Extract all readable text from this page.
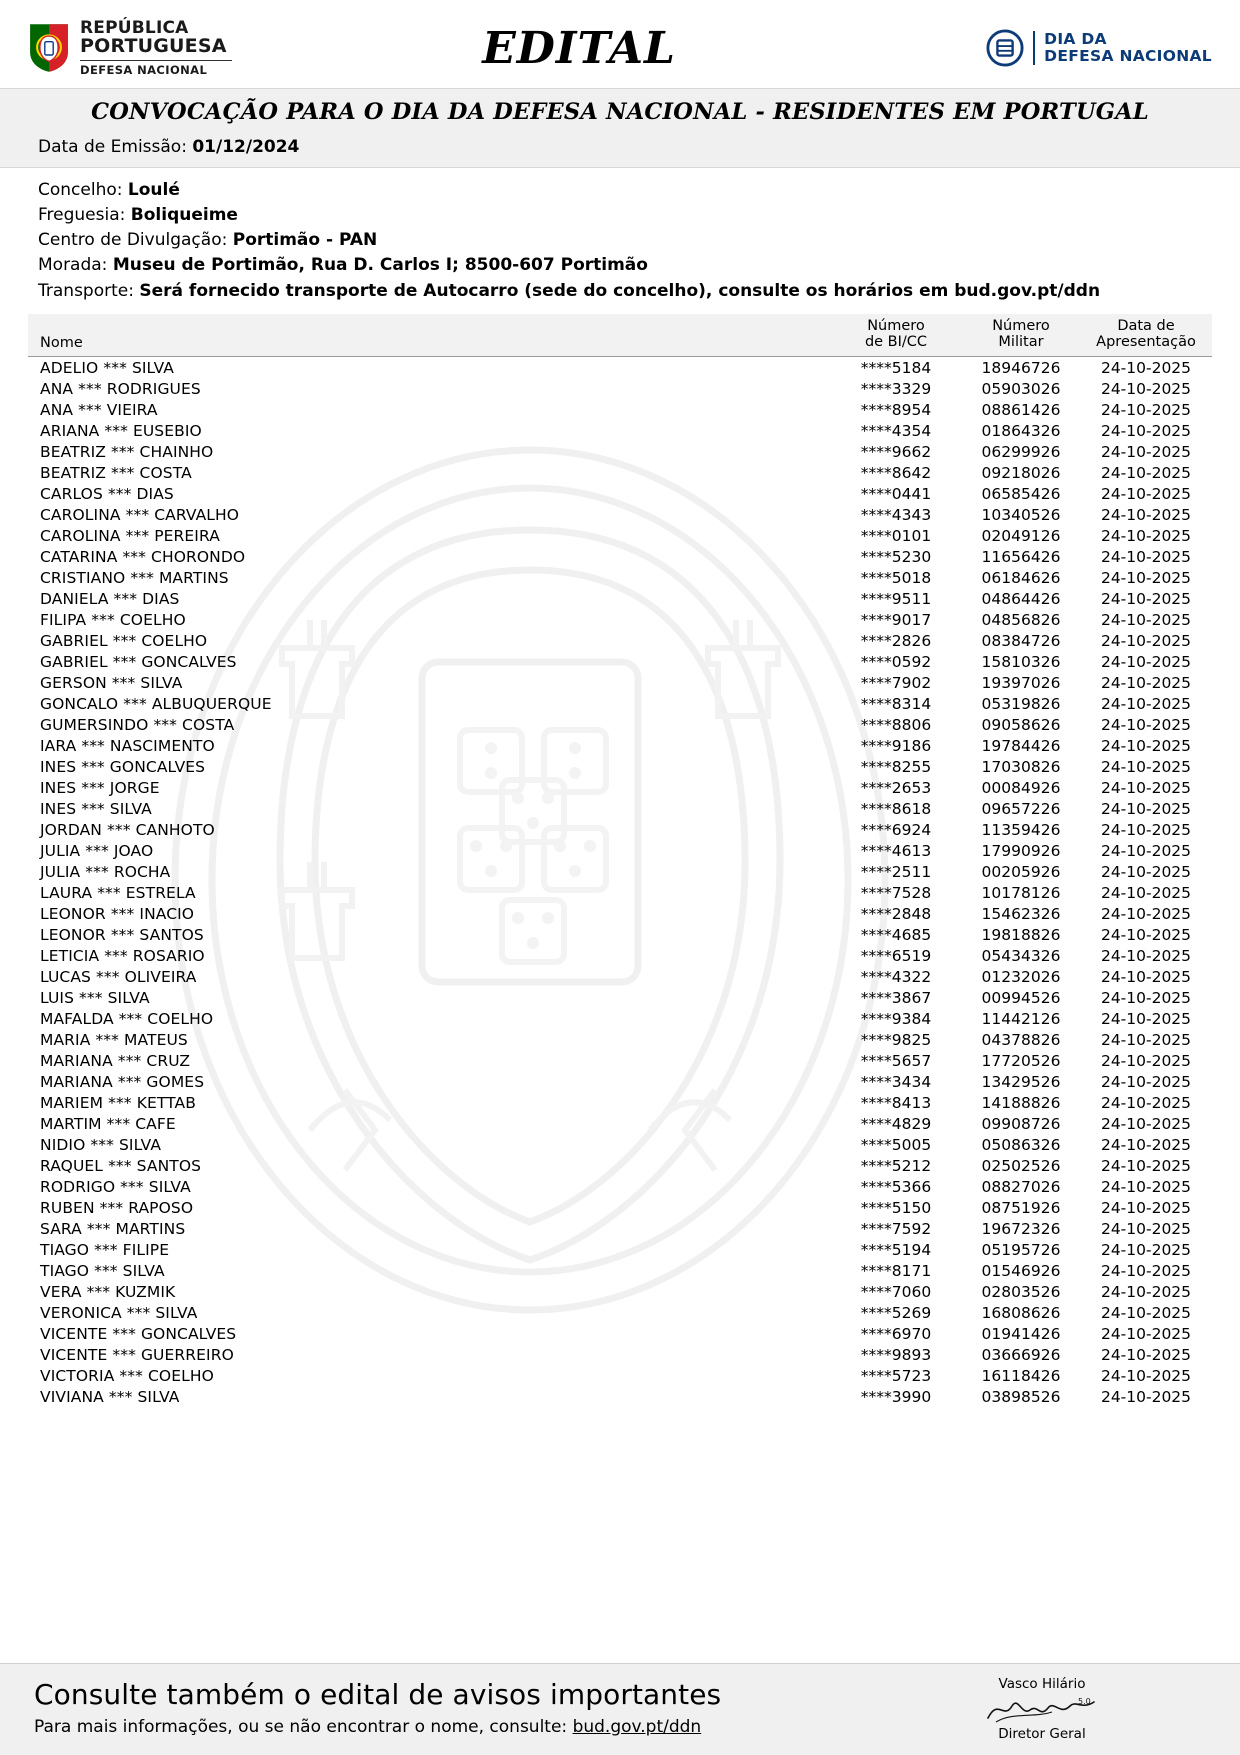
REPÚBLICA
PORTUGUESA
DEFESA NACIONAL	EDITAL	DIA DA
DEFESA NACIONAL
CONVOCAÇÃO PARA O DIA DA DEFESA NACIONAL - RESIDENTES EM PORTUGAL
Data de Emissão: 01/12/2024
Concelho: Loulé
Freguesia: Boliqueime
Centro de Divulgação: Portimão - PAN
Morada: Museu de Portimão, Rua D. Carlos I; 8500-607 Portimão
Transporte: Será fornecido transporte de Autocarro (sede do concelho), consulte os horários em bud.gov.pt/ddn
Nome	
Número
de BI/CC

Número
Militar

Data de
Apresentação

ADELIO *** SILVA	****5184	18946726	24-10-2025
ANA *** RODRIGUES	****3329	05903026	24-10-2025
ANA *** VIEIRA	****8954	08861426	24-10-2025
ARIANA *** EUSEBIO	****4354	01864326	24-10-2025
BEATRIZ *** CHAINHO	****9662	06299926	24-10-2025
BEATRIZ *** COSTA	****8642	09218026	24-10-2025
CARLOS *** DIAS	****0441	06585426	24-10-2025
CAROLINA *** CARVALHO	****4343	10340526	24-10-2025
CAROLINA *** PEREIRA	****0101	02049126	24-10-2025
CATARINA *** CHORONDO	****5230	11656426	24-10-2025
CRISTIANO *** MARTINS	****5018	06184626	24-10-2025
DANIELA *** DIAS	****9511	04864426	24-10-2025
FILIPA *** COELHO	****9017	04856826	24-10-2025
GABRIEL *** COELHO	****2826	08384726	24-10-2025
GABRIEL *** GONCALVES	****0592	15810326	24-10-2025
GERSON *** SILVA	****7902	19397026	24-10-2025
GONCALO *** ALBUQUERQUE	****8314	05319826	24-10-2025
GUMERSINDO *** COSTA	****8806	09058626	24-10-2025
IARA *** NASCIMENTO	****9186	19784426	24-10-2025
INES *** GONCALVES	****8255	17030826	24-10-2025
INES *** JORGE	****2653	00084926	24-10-2025
INES *** SILVA	****8618	09657226	24-10-2025
JORDAN *** CANHOTO	****6924	11359426	24-10-2025
JULIA *** JOAO	****4613	17990926	24-10-2025
JULIA *** ROCHA	****2511	00205926	24-10-2025
LAURA *** ESTRELA	****7528	10178126	24-10-2025
LEONOR *** INACIO	****2848	15462326	24-10-2025
LEONOR *** SANTOS	****4685	19818826	24-10-2025
LETICIA *** ROSARIO	****6519	05434326	24-10-2025
LUCAS *** OLIVEIRA	****4322	01232026	24-10-2025
LUIS *** SILVA	****3867	00994526	24-10-2025
MAFALDA *** COELHO	****9384	11442126	24-10-2025
MARIA *** MATEUS	****9825	04378826	24-10-2025
MARIANA *** CRUZ	****5657	17720526	24-10-2025
MARIANA *** GOMES	****3434	13429526	24-10-2025
MARIEM *** KETTAB	****8413	14188826	24-10-2025
MARTIM *** CAFE	****4829	09908726	24-10-2025
NIDIO *** SILVA	****5005	05086326	24-10-2025
RAQUEL *** SANTOS	****5212	02502526	24-10-2025
RODRIGO *** SILVA	****5366	08827026	24-10-2025
RUBEN *** RAPOSO	****5150	08751926	24-10-2025
SARA *** MARTINS	****7592	19672326	24-10-2025
TIAGO *** FILIPE	****5194	05195726	24-10-2025
TIAGO *** SILVA	****8171	01546926	24-10-2025
VERA *** KUZMIK	****7060	02803526	24-10-2025
VERONICA *** SILVA	****5269	16808626	24-10-2025
VICENTE *** GONCALVES	****6970	01941426	24-10-2025
VICENTE *** GUERREIRO	****9893	03666926	24-10-2025
VICTORIA *** COELHO	****5723	16118426	24-10-2025
VIVIANA *** SILVA	****3990	03898526	24-10-2025
Consulte também o edital de avisos importantes
Para mais informações, ou se não encontrar o nome, consulte: bud.gov.pt/ddn
Vasco Hilário
5.0
Diretor Geral
